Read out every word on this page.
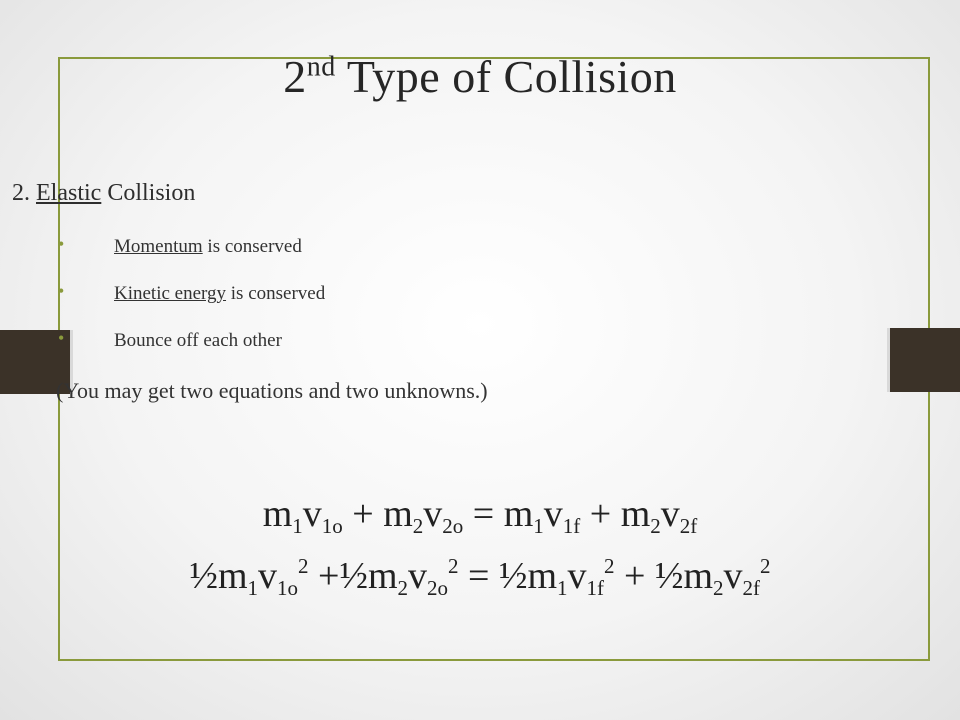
2nd Type of Collision
2. Elastic Collision
•	Momentum is conserved
•	Kinetic energy is conserved
•	Bounce off each other
(You may get two equations and two unknowns.)
$m_1v_{1o} + m_2v_{2o} = m_1v_{1f} + m_2v_{2f}$
$\frac{1}{2}m_1v_{1o}^2$ $+\frac{1}{2}m_2v_{2o}^2$ = $\frac{1}{2}m_1v_{1f}^2$ + $\frac{1}{2}m_2v_{2f}^2$
